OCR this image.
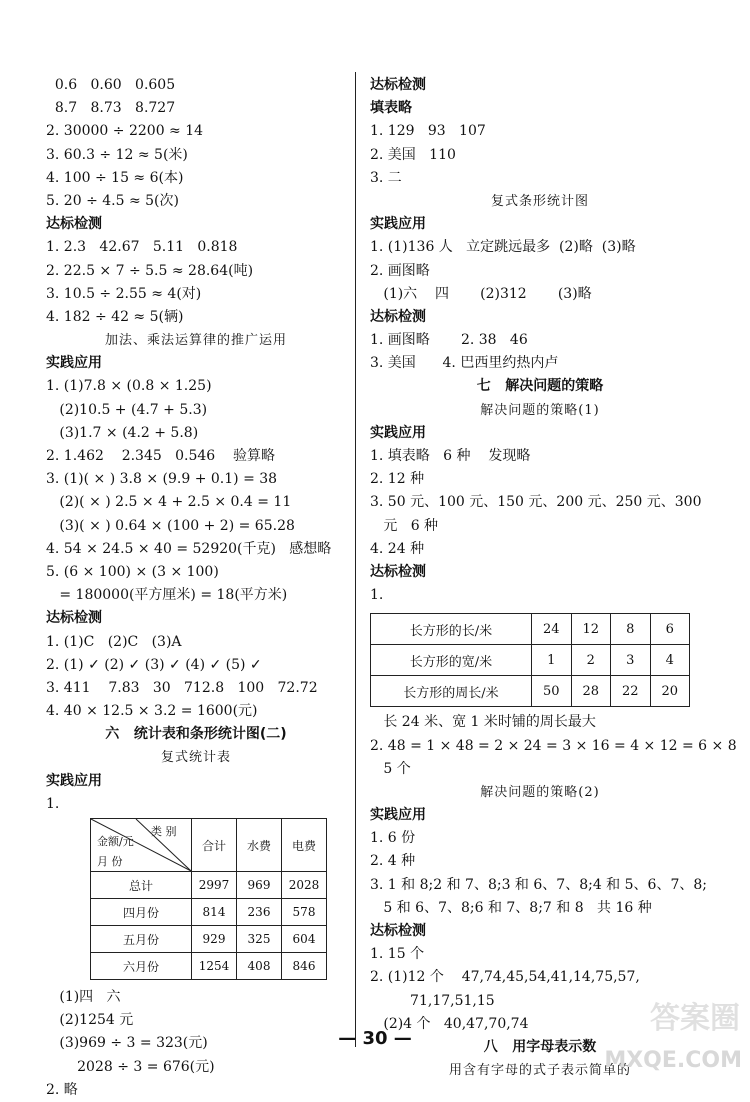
0.6   0.60   0.605
8.7   8.73   8.727
2. 30000 ÷ 2200 ≈ 14
3. 60.3 ÷ 12 ≈ 5(米)
4. 100 ÷ 15 ≈ 6(本)
5. 20 ÷ 4.5 ≈ 5(次)
达标检测
1. 2.3   42.67   5.11   0.818
2. 22.5 × 7 ÷ 5.5 ≈ 28.64(吨)
3. 10.5 ÷ 2.55 ≈ 4(对)
4. 182 ÷ 42 ≈ 5(辆)
加法、乘法运算律的推广运用
实践应用
1. (1)7.8 × (0.8 × 1.25)
(2)10.5 + (4.7 + 5.3)
(3)1.7 × (4.2 + 5.8)
2. 1.462    2.345   0.546    验算略
3. (1)( × ) 3.8 × (9.9 + 0.1) = 38
(2)( × ) 2.5 × 4 + 2.5 × 0.4 = 11
(3)( × ) 0.64 × (100 + 2) = 65.28
4. 54 × 24.5 × 40 = 52920(千克)   感想略
5. (6 × 100) × (3 × 100)
= 180000(平方厘米) = 18(平方米)
达标检测
1. (1)C   (2)C   (3)A
2. (1) ✓ (2) ✓ (3) ✓ (4) ✓ (5) ✓
3. 411    7.83   30   712.8   100   72.72
4. 40 × 12.5 × 3.2 = 1600(元)
六   统计表和条形统计图(二)
复式统计表
实践应用
1.
类 别
金额/元
月 份	合计	水费	电费
总计	2997	969	2028
四月份	814	236	578
五月份	929	325	604
六月份	1254	408	846
(1)四   六
(2)1254 元
(3)969 ÷ 3 = 323(元)
2028 ÷ 3 = 676(元)
2. 略
达标检测
填表略
1. 129   93   107
2. 美国   110
3. 二
复式条形统计图
实践应用
1. (1)136 人   立定跳远最多  (2)略  (3)略
2. 画图略
(1)六    四       (2)312       (3)略
达标检测
1. 画图略       2. 38   46
3. 美国      4. 巴西里约热内卢
七   解决问题的策略
解决问题的策略(1)
实践应用
1. 填表略   6 种    发现略
2. 12 种
3. 50 元、100 元、150 元、200 元、250 元、300
元   6 种
4. 24 种
达标检测
1.
长方形的长/米	24	12	8	6
长方形的宽/米	1	2	3	4
长方形的周长/米	50	28	22	20
长 24 米、宽 1 米时铺的周长最大
2. 48 = 1 × 48 = 2 × 24 = 3 × 16 = 4 × 12 = 6 × 8
5 个
解决问题的策略(2)
实践应用
1. 6 份
2. 4 种
3. 1 和 8;2 和 7、8;3 和 6、7、8;4 和 5、6、7、8;
5 和 6、7、8;6 和 7、8;7 和 8   共 16 种
达标检测
1. 15 个
2. (1)12 个    47,74,45,54,41,14,75,57,
71,17,51,15
(2)4 个   40,47,70,74
八   用字母表示数
用含有字母的式子表示简单的
— 30 —
答案圈
MXQE.COM
